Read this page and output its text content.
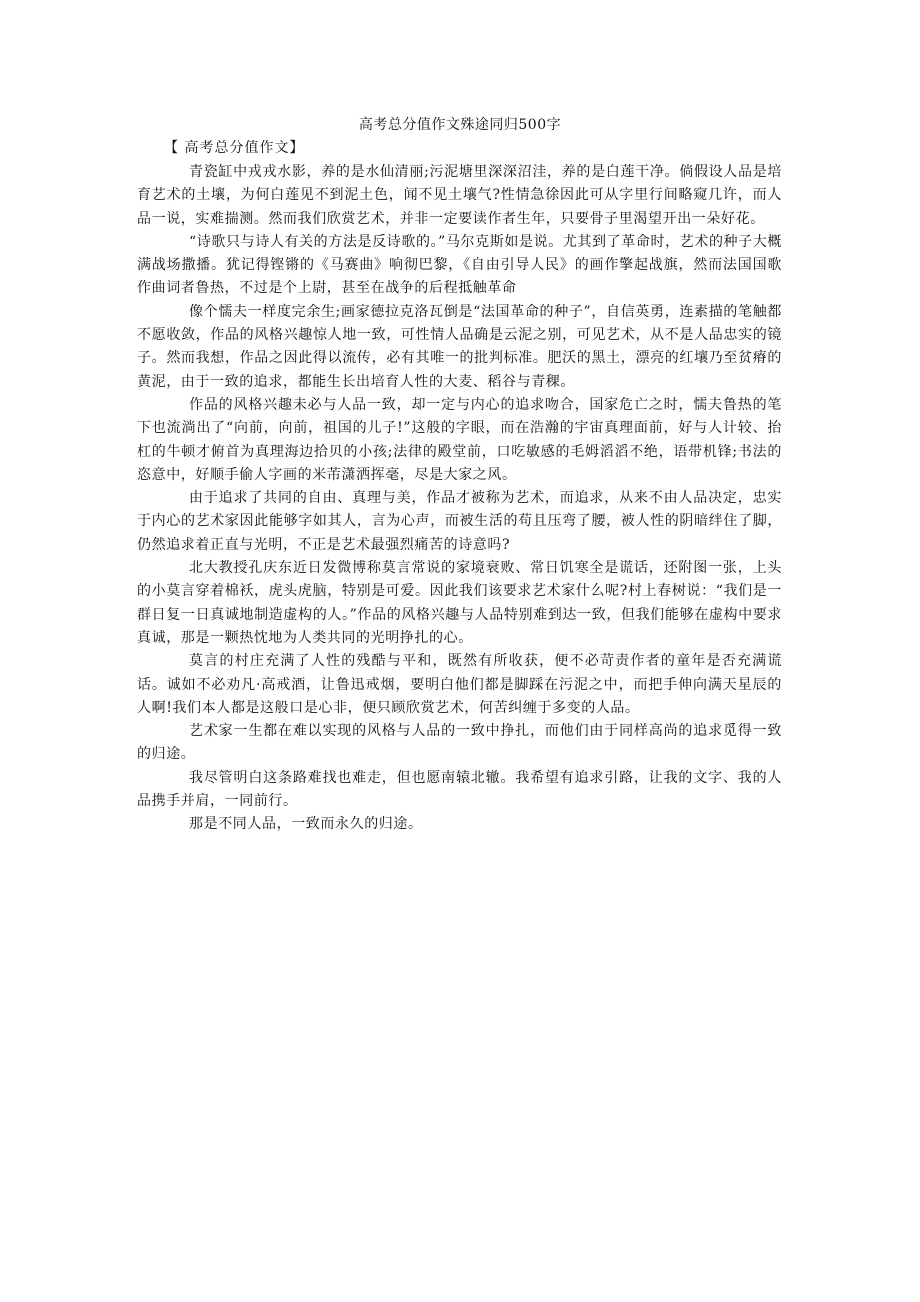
高考总分值作文殊途同归500字
【 高考总分值作文】

青瓷缸中戎戎水影，养的是水仙清丽;污泥塘里深深沼洼，养的是白莲干净。倘假设人品是培育艺术的土壤，为何白莲见不到泥土色，闻不见土壤气?性情急徐因此可从字里行间略窥几许，而人品一说，实难揣测。然而我们欣赏艺术，并非一定要读作者生年，只要骨子里渴望开出一朵好花。

“诗歌只与诗人有关的方法是反诗歌的。”马尔克斯如是说。尤其到了革命时，艺术的种子大概满战场撒播。犹记得铿锵的《马赛曲》响彻巴黎，《自由引导人民》的画作擎起战旗，然而法国国歌作曲词者鲁热，不过是个上尉，甚至在战争的后程抵触革命

像个懦夫一样度完余生;画家德拉克洛瓦倒是“法国革命的种子”，自信英勇，连素描的笔触都不愿收敛，作品的风格兴趣惊人地一致，可性情人品确是云泥之别，可见艺术，从不是人品忠实的镜子。然而我想，作品之因此得以流传，必有其唯一的批判标准。肥沃的黑土，漂亮的红壤乃至贫瘠的黄泥，由于一致的追求，都能生长出培育人性的大麦、稻谷与青稞。

作品的风格兴趣未必与人品一致，却一定与内心的追求吻合，国家危亡之时，懦夫鲁热的笔下也流淌出了“向前，向前，祖国的儿子!”这般的字眼，而在浩瀚的宇宙真理面前，好与人计较、抬杠的牛顿才俯首为真理海边拾贝的小孩;法律的殿堂前，口吃敏感的毛姆滔滔不绝，语带机锋;书法的恣意中，好顺手偷人字画的米芾潇洒挥毫，尽是大家之风。

由于追求了共同的自由、真理与美，作品才被称为艺术，而追求，从来不由人品决定，忠实于内心的艺术家因此能够字如其人，言为心声，而被生活的苟且压弯了腰，被人性的阴暗绊住了脚，仍然追求着正直与光明，不正是艺术最强烈痛苦的诗意吗?

北大教授孔庆东近日发微博称莫言常说的家境衰败、常日饥寒全是谎话，还附图一张，上头的小莫言穿着棉袄，虎头虎脑，特别是可爱。因此我们该要求艺术家什么呢?村上春树说：“我们是一群日复一日真诚地制造虚构的人。”作品的风格兴趣与人品特别难到达一致，但我们能够在虚构中要求真诚，那是一颗热忱地为人类共同的光明挣扎的心。

莫言的村庄充满了人性的残酷与平和，既然有所收获，便不必苛责作者的童年是否充满谎话。诚如不必劝凡·高戒酒，让鲁迅戒烟，要明白他们都是脚踩在污泥之中，而把手伸向满天星辰的人啊!我们本人都是这般口是心非，便只顾欣赏艺术，何苦纠缠于多变的人品。

艺术家一生都在难以实现的风格与人品的一致中挣扎，而他们由于同样高尚的追求觅得一致的归途。

我尽管明白这条路难找也难走，但也愿南辕北辙。我希望有追求引路，让我的文字、我的人品携手并肩，一同前行。

那是不同人品，一致而永久的归途。
